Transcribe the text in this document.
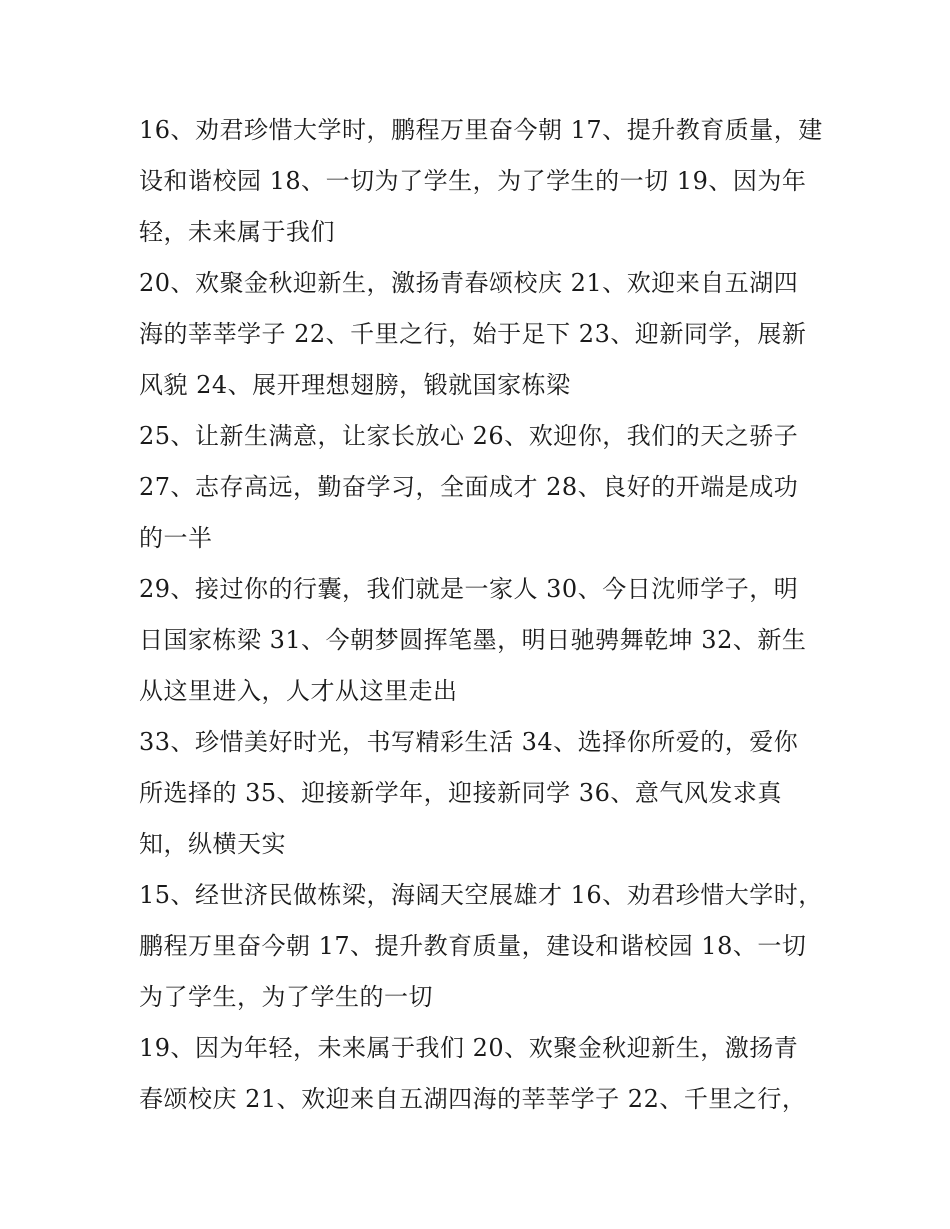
16、劝君珍惜大学时，鹏程万里奋今朝 17、提升教育质量，建
设和谐校园 18、一切为了学生，为了学生的一切 19、因为年
轻，未来属于我们
20、欢聚金秋迎新生，激扬青春颂校庆 21、欢迎来自五湖四
海的莘莘学子 22、千里之行，始于足下 23、迎新同学，展新
风貌 24、展开理想翅膀，锻就国家栋梁
25、让新生满意，让家长放心 26、欢迎你，我们的天之骄子
27、志存高远，勤奋学习，全面成才 28、良好的开端是成功
的一半
29、接过你的行囊，我们就是一家人 30、今日沈师学子，明
日国家栋梁 31、今朝梦圆挥笔墨，明日驰骋舞乾坤 32、新生
从这里进入，人才从这里走出
33、珍惜美好时光，书写精彩生活 34、选择你所爱的，爱你
所选择的 35、迎接新学年，迎接新同学 36、意气风发求真
知，纵横天实
15、经世济民做栋梁，海阔天空展雄才 16、劝君珍惜大学时，
鹏程万里奋今朝 17、提升教育质量，建设和谐校园 18、一切
为了学生，为了学生的一切
19、因为年轻，未来属于我们 20、欢聚金秋迎新生，激扬青
春颂校庆 21、欢迎来自五湖四海的莘莘学子 22、千里之行，
